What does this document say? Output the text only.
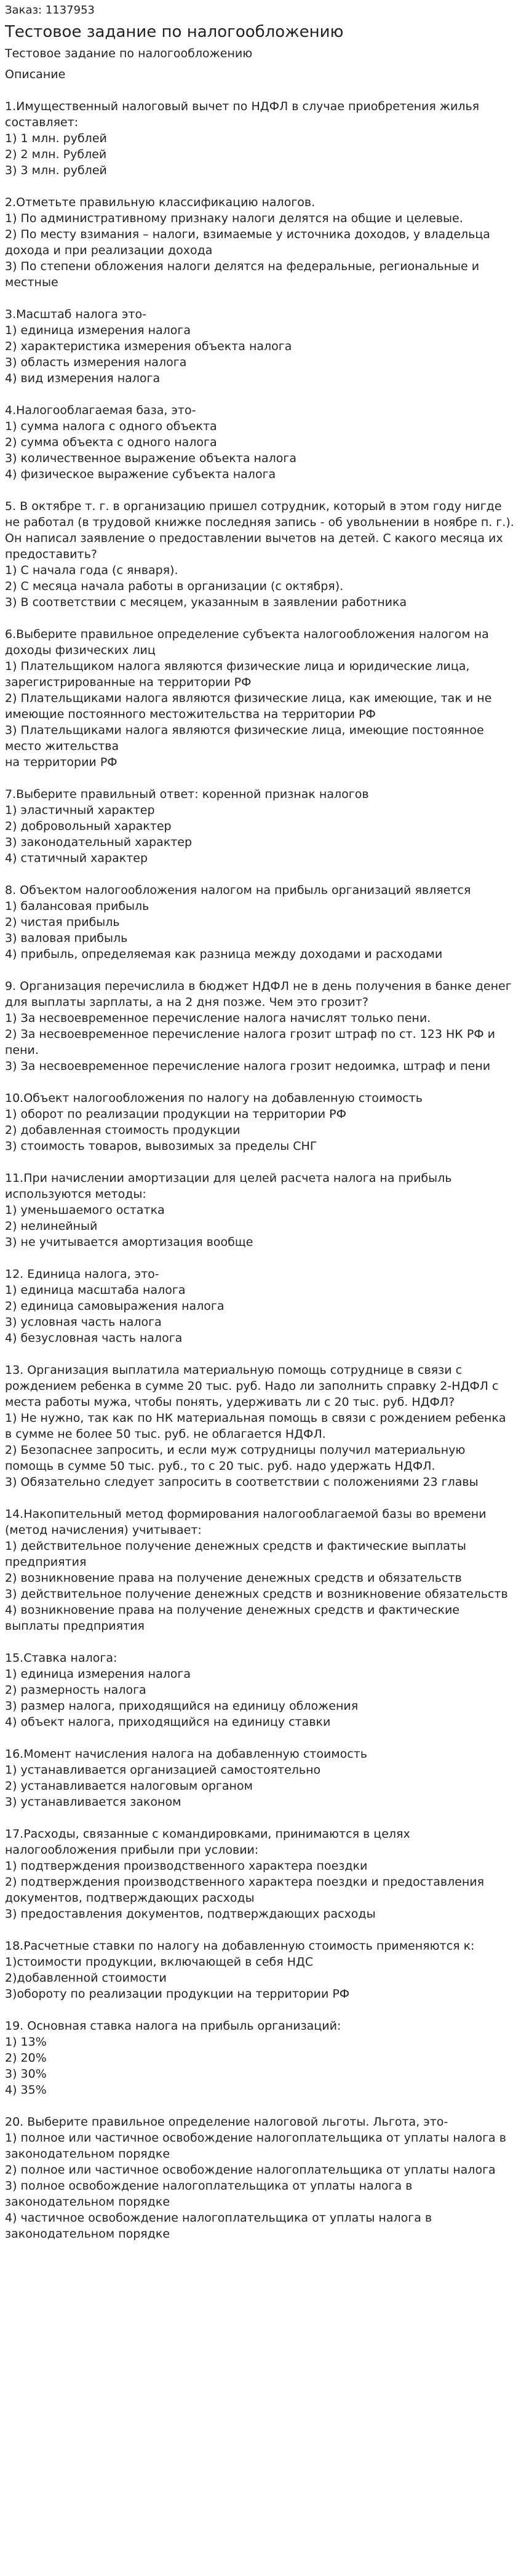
Заказ: 1137953
Тестовое задание по налогообложению
Тестовое задание по налогообложению
Описание
1.Имущественный налоговый вычет по НДФЛ в случае приобретения жилья составляет:
1) 1 млн. рублей
2) 2 млн. Рублей
3) 3 млн. рублей
2.Отметьте правильную классификацию налогов.
1) По административному признаку налоги делятся на общие и целевые.
2) По месту взимания – налоги, взимаемые у источника доходов, у владельца дохода и при реализации дохода
3) По степени обложения налоги делятся на федеральные, региональные и местные
3.Масштаб налога это-
1) единица измерения налога
2) характеристика измерения объекта налога
3) область измерения налога
4) вид измерения налога
4.Налогооблагаемая база, это-
1) сумма налога с одного объекта
2) сумма объекта с одного налога
3) количественное выражение объекта налога
4) физическое выражение субъекта налога
5. В октябре т. г. в организацию пришел сотрудник, который в этом году нигде не работал (в трудовой книжке последняя запись - об увольнении в ноябре п. г.). Он написал заявление о предоставлении вычетов на детей. С какого месяца их предоставить?
1) С начала года (с января).
2) С месяца начала работы в организации (с октября).
3) В соответствии с месяцем, указанным в заявлении работника
6.Выберите правильное определение субъекта налогообложения налогом на доходы физических лиц
1) Плательщиком налога являются физические лица и юридические лица, зарегистрированные на территории РФ
2) Плательщиками налога являются физические лица, как имеющие, так и не имеющие постоянного местожительства на территории РФ
3) Плательщиками налога являются физические лица, имеющие постоянное место жительства
на территории РФ
7.Выберите правильный ответ: коренной признак налогов
1) эластичный характер
2) добровольный характер
3) законодательный характер
4) статичный характер
8. Объектом налогообложения налогом на прибыль организаций является
1) балансовая прибыль
2) чистая прибыль
3) валовая прибыль
4) прибыль, определяемая как разница между доходами и расходами
9. Организация перечислила в бюджет НДФЛ не в день получения в банке денег для выплаты зарплаты, а на 2 дня позже. Чем это грозит?
1) За несвоевременное перечисление налога начислят только пени.
2) За несвоевременное перечисление налога грозит штраф по ст. 123 НК РФ и пени.
3) За несвоевременное перечисление налога грозит недоимка, штраф и пени
10.Объект налогообложения по налогу на добавленную стоимость
1) оборот по реализации продукции на территории РФ
2) добавленная стоимость продукции
3) стоимость товаров, вывозимых за пределы СНГ
11.При начислении амортизации для целей расчета налога на прибыль используются методы:
1) уменьшаемого остатка
2) нелинейный
3) не учитывается амортизация вообще
12. Единица налога, это-
1) единица масштаба налога
2) единица самовыражения налога
3) условная часть налога
4) безусловная часть налога
13. Организация выплатила материальную помощь сотруднице в связи с рождением ребенка в сумме 20 тыс. руб. Надо ли заполнить справку 2-НДФЛ с места работы мужа, чтобы понять, удерживать ли с 20 тыс. руб. НДФЛ?
1) Не нужно, так как по НК материальная помощь в связи с рождением ребенка в сумме не более 50 тыс. руб. не облагается НДФЛ.
2) Безопаснее запросить, и если муж сотрудницы получил материальную помощь в сумме 50 тыс. руб., то с 20 тыс. руб. надо удержать НДФЛ.
3) Обязательно следует запросить в соответствии с положениями 23 главы
14.Накопительный метод формирования налогооблагаемой базы во времени (метод начисления) учитывает:
1) действительное получение денежных средств и фактические выплаты предприятия
2) возникновение права на получение денежных средств и обязательств
3) действительное получение денежных средств и возникновение обязательств
4) возникновение права на получение денежных средств и фактические выплаты предприятия
15.Ставка налога:
1) единица измерения налога
2) размерность налога
3) размер налога, приходящийся на единицу обложения
4) объект налога, приходящийся на единицу ставки
16.Момент начисления налога на добавленную стоимость
1) устанавливается организацией самостоятельно
2) устанавливается налоговым органом
3) устанавливается законом
17.Расходы, связанные с командировками, принимаются в целях налогообложения прибыли при условии:
1) подтверждения производственного характера поездки
2) подтверждения производственного характера поездки и предоставления документов, подтверждающих расходы
3) предоставления документов, подтверждающих расходы
18.Расчетные ставки по налогу на добавленную стоимость применяются к:
1)стоимости продукции, включающей в себя НДС
2)добавленной стоимости
3)обороту по реализации продукции на территории РФ
19. Основная ставка налога на прибыль организаций:
1) 13%
2) 20%
3) 30%
4) 35%
20. Выберите правильное определение налоговой льготы. Льгота, это-
1) полное или частичное освобождение налогоплательщика от уплаты налога в законодательном порядке
2) полное или частичное освобождение налогоплательщика от уплаты налога
3) полное освобождение налогоплательщика от уплаты налога в законодательном порядке
4) частичное освобождение налогоплательщика от уплаты налога в законодательном порядке
